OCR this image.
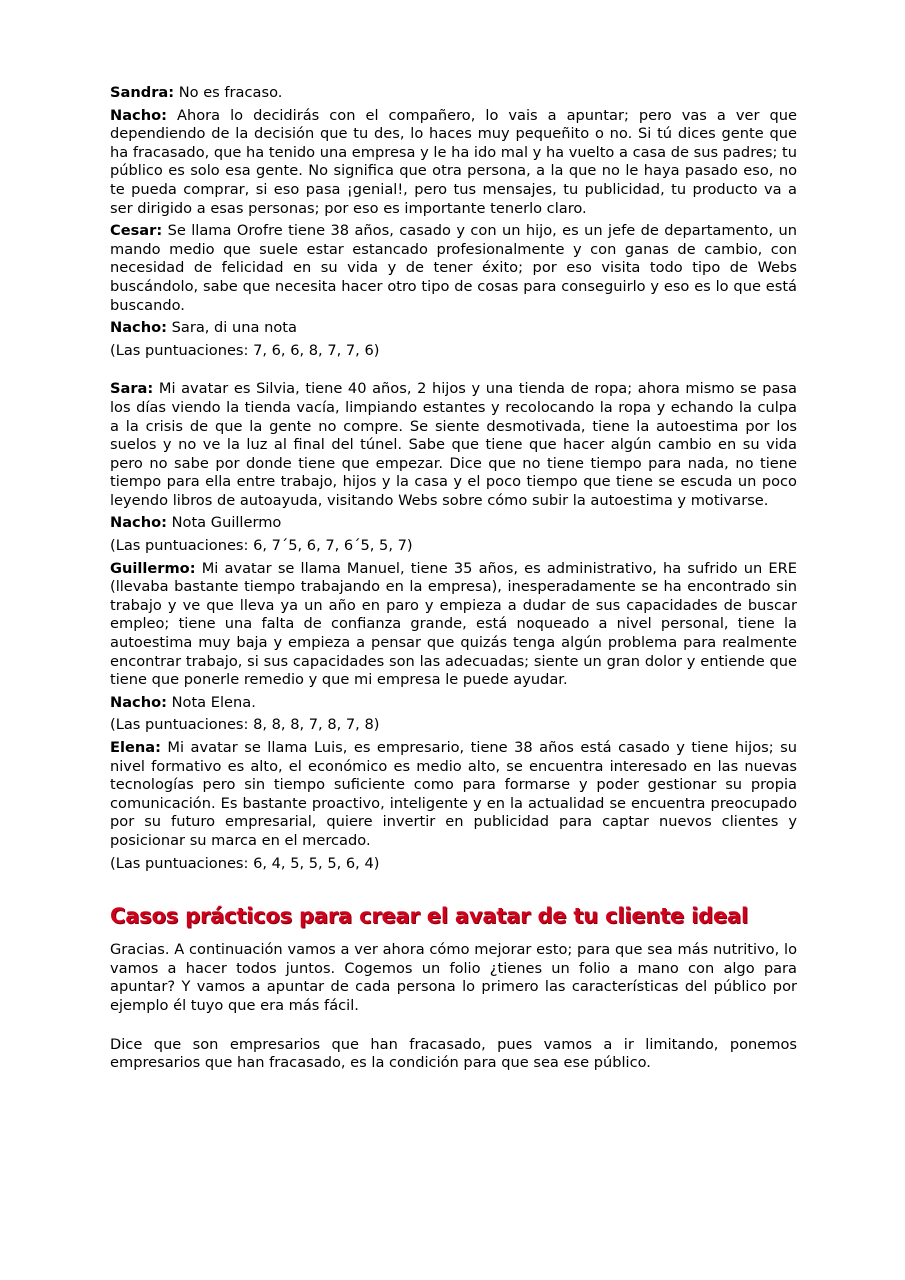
Sandra: No es fracaso.

Nacho: Ahora lo decidirás con el compañero, lo vais a apuntar; pero vas a ver que dependiendo de la decisión que tu des, lo haces muy pequeñito o no. Si tú dices gente que ha fracasado, que ha tenido una empresa y le ha ido mal y ha vuelto a casa de sus padres; tu público es solo esa gente. No significa que otra persona, a la que no le haya pasado eso, no te pueda comprar, si eso pasa ¡genial!, pero tus mensajes, tu publicidad, tu producto va a ser dirigido a esas personas; por eso es importante tenerlo claro.

Cesar: Se llama Orofre tiene 38 años, casado y con un hijo, es un jefe de departamento, un mando medio que suele estar estancado profesionalmente y con ganas de cambio, con necesidad de felicidad en su vida y de tener éxito; por eso visita todo tipo de Webs buscándolo, sabe que necesita hacer otro tipo de cosas para conseguirlo y eso es lo que está buscando.

Nacho: Sara, di una nota

(Las puntuaciones: 7, 6, 6, 8, 7, 7, 6)

Sara: Mi avatar es Silvia, tiene 40 años, 2 hijos y una tienda de ropa; ahora mismo se pasa los días viendo la tienda vacía, limpiando estantes y recolocando la ropa y echando la culpa a la crisis de que la gente no compre. Se siente desmotivada, tiene la autoestima por los suelos y no ve la luz al final del túnel. Sabe que tiene que hacer algún cambio en su vida pero no sabe por donde tiene que empezar. Dice que no tiene tiempo para nada, no tiene tiempo para ella entre trabajo, hijos y la casa y el poco tiempo que tiene se escuda un poco leyendo libros de autoayuda, visitando Webs sobre cómo subir la autoestima y motivarse.

Nacho: Nota Guillermo

(Las puntuaciones: 6, 7´5, 6, 7, 6´5, 5, 7)

Guillermo: Mi avatar se llama Manuel, tiene 35 años, es administrativo, ha sufrido un ERE (llevaba bastante tiempo trabajando en la empresa), inesperadamente se ha encontrado sin trabajo y ve que lleva ya un año en paro y empieza a dudar de sus capacidades de buscar empleo; tiene una falta de confianza grande, está noqueado a nivel personal, tiene la autoestima muy baja y empieza a pensar que quizás tenga algún problema para realmente encontrar trabajo, si sus capacidades son las adecuadas; siente un gran dolor y entiende que tiene que ponerle remedio y que mi empresa le puede ayudar.

Nacho: Nota Elena.

(Las puntuaciones: 8, 8, 8, 7, 8, 7, 8)

Elena: Mi avatar se llama Luis, es empresario, tiene 38 años está casado y tiene hijos; su nivel formativo es alto, el económico es medio alto, se encuentra interesado en las nuevas tecnologías pero sin tiempo suficiente como para formarse y poder gestionar su propia comunicación. Es bastante proactivo, inteligente y en la actualidad se encuentra preocupado por su futuro empresarial, quiere invertir en publicidad para captar nuevos clientes y posicionar su marca en el mercado.

(Las puntuaciones: 6, 4, 5, 5, 5, 6, 4)

Casos prácticos para crear el avatar de tu cliente ideal

Gracias. A continuación vamos a ver ahora cómo mejorar esto; para que sea más nutritivo, lo vamos a hacer todos juntos. Cogemos un folio ¿tienes un folio a mano con algo para apuntar? Y vamos a apuntar de cada persona lo primero las características del público por ejemplo él tuyo que era más fácil.

Dice que son empresarios que han fracasado, pues vamos a ir limitando, ponemos empresarios que han fracasado, es la condición para que sea ese público.
